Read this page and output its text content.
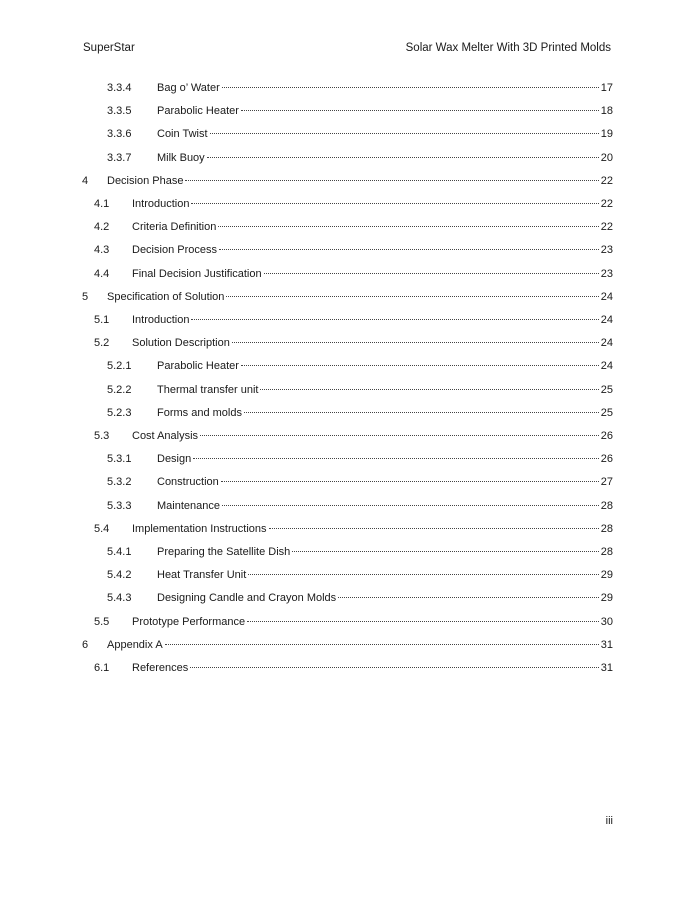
SuperStar	Solar Wax Melter With 3D Printed Molds
3.3.4 Bag o’ Water	17
3.3.5 Parabolic Heater	18
3.3.6 Coin Twist	19
3.3.7 Milk Buoy	20
4 Decision Phase	22
4.1 Introduction	22
4.2 Criteria Definition	22
4.3 Decision Process	23
4.4 Final Decision Justification	23
5 Specification of Solution	24
5.1 Introduction	24
5.2 Solution Description	24
5.2.1 Parabolic Heater	24
5.2.2 Thermal transfer unit	25
5.2.3 Forms and molds	25
5.3 Cost Analysis	26
5.3.1 Design	26
5.3.2 Construction	27
5.3.3 Maintenance	28
5.4 Implementation Instructions	28
5.4.1 Preparing the Satellite Dish	28
5.4.2 Heat Transfer Unit	29
5.4.3 Designing Candle and Crayon Molds	29
5.5 Prototype Performance	30
6 Appendix A	31
6.1 References	31
iii
